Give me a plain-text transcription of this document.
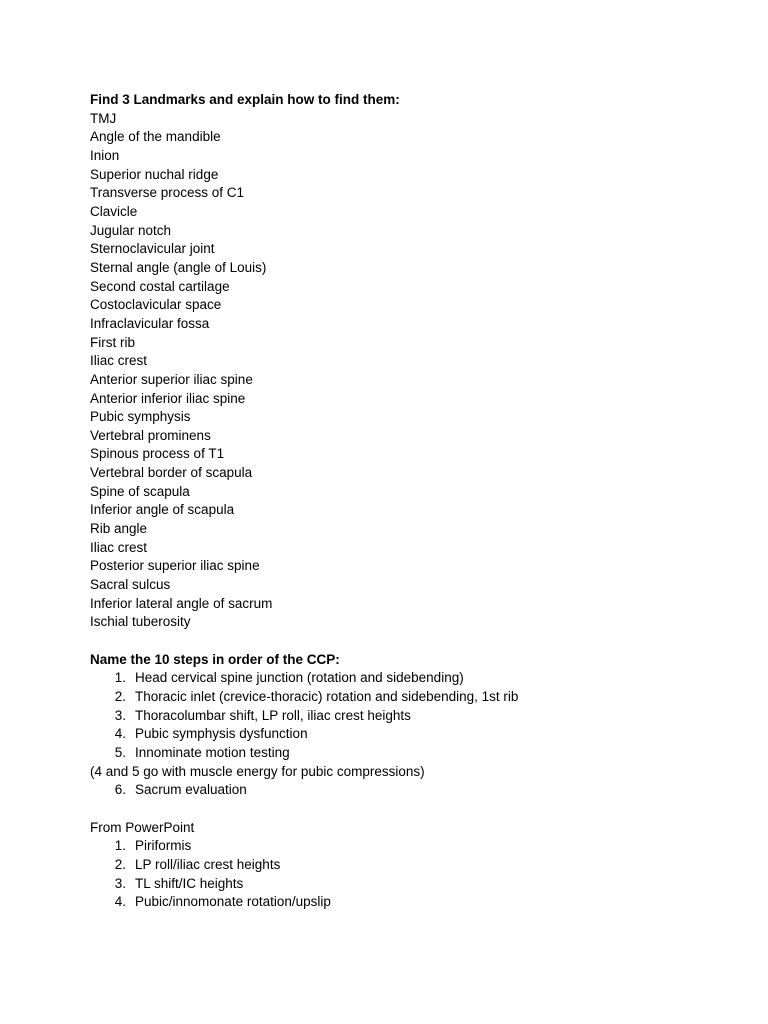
Find 3 Landmarks and explain how to find them:
TMJ
Angle of the mandible
Inion
Superior nuchal ridge
Transverse process of C1
Clavicle
Jugular notch
Sternoclavicular joint
Sternal angle (angle of Louis)
Second costal cartilage
Costoclavicular space
Infraclavicular fossa
First rib
Iliac crest
Anterior superior iliac spine
Anterior inferior iliac spine
Pubic symphysis
Vertebral prominens
Spinous process of T1
Vertebral border of scapula
Spine of scapula
Inferior angle of scapula
Rib angle
Iliac crest
Posterior superior iliac spine
Sacral sulcus
Inferior lateral angle of sacrum
Ischial tuberosity
Name the 10 steps in order of the CCP:
1. Head cervical spine junction (rotation and sidebending)
2. Thoracic inlet (crevice-thoracic) rotation and sidebending, 1st rib
3. Thoracolumbar shift, LP roll, iliac crest heights
4. Pubic symphysis dysfunction
5. Innominate motion testing
(4 and 5 go with muscle energy for pubic compressions)
6. Sacrum evaluation
From PowerPoint
1. Piriformis
2. LP roll/iliac crest heights
3. TL shift/IC heights
4. Pubic/innomonate rotation/upslip
